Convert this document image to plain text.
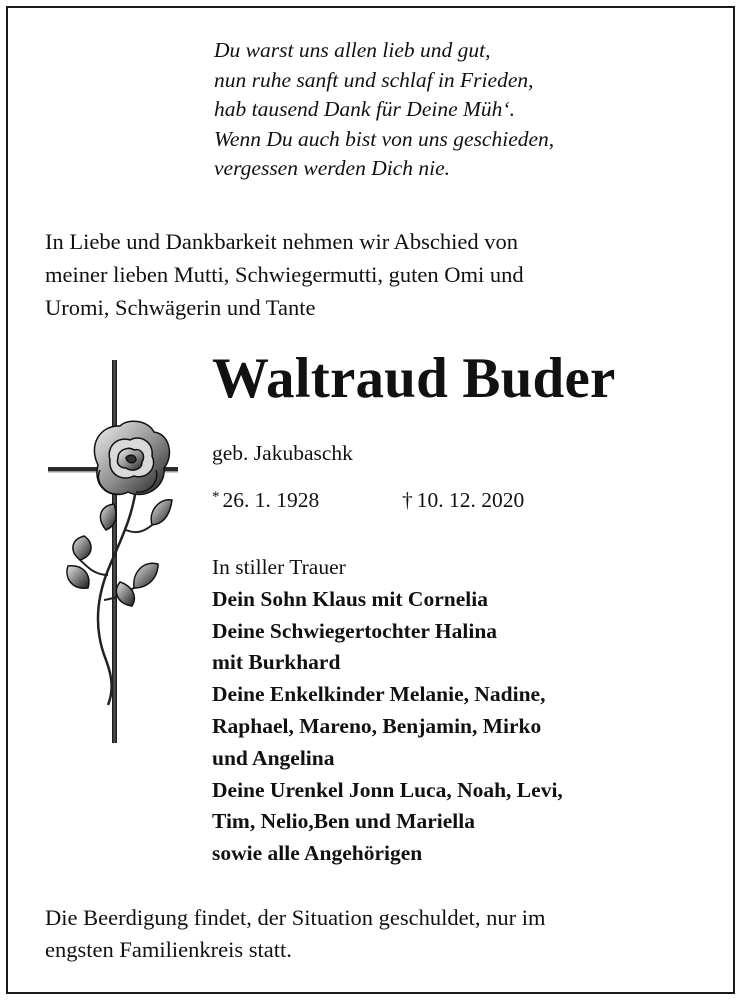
Du warst uns allen lieb und gut,
nun ruhe sanft und schlaf in Frieden,
hab tausend Dank für Deine Müh‘.
Wenn Du auch bist von uns geschieden,
vergessen werden Dich nie.
In Liebe und Dankbarkeit nehmen wir Abschied von
meiner lieben Mutti, Schwiegermutti, guten Omi und
Uromi, Schwägerin und Tante
Waltraud Buder
geb. Jakubaschk
* 26. 1. 1928	† 10. 12. 2020
In stiller Trauer
Dein Sohn Klaus mit Cornelia
Deine Schwiegertochter Halina
mit Burkhard
Deine Enkelkinder Melanie, Nadine,
Raphael, Mareno, Benjamin, Mirko
und Angelina
Deine Urenkel Jonn Luca, Noah, Levi,
Tim, Nelio,Ben und Mariella
sowie alle Angehörigen
Die Beerdigung findet, der Situation geschuldet, nur im
engsten Familienkreis statt.
